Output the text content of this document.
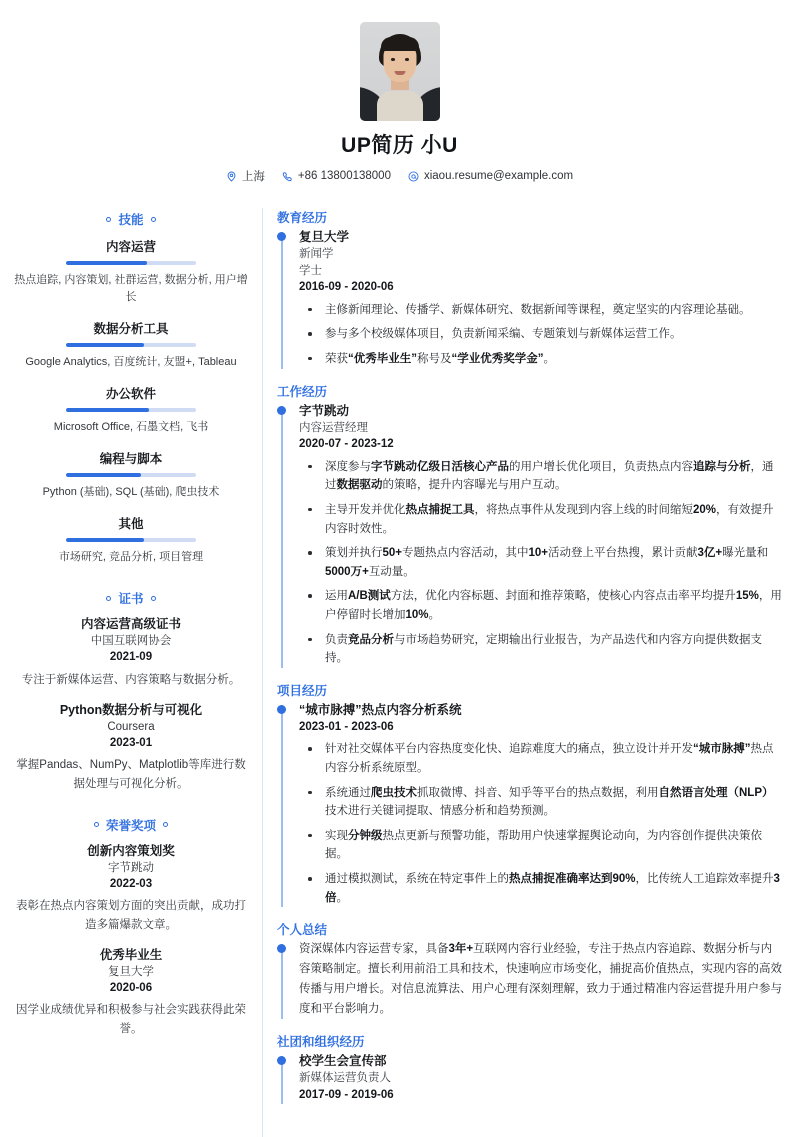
UP简历 小U
上海	+86 13800138000	xiaou.resume@example.com
技能
内容运营
热点追踪, 内容策划, 社群运营, 数据分析, 用户增长
数据分析工具
Google Analytics, 百度统计, 友盟+, Tableau
办公软件
Microsoft Office, 石墨文档, 飞书
编程与脚本
Python (基础), SQL (基础), 爬虫技术
其他
市场研究, 竞品分析, 项目管理
证书
内容运营高级证书
中国互联网协会
2021-09
专注于新媒体运营、内容策略与数据分析。
Python数据分析与可视化
Coursera
2023-01
掌握Pandas、NumPy、Matplotlib等库进行数据处理与可视化分析。
荣誉奖项
创新内容策划奖
字节跳动
2022-03
表彰在热点内容策划方面的突出贡献，成功打造多篇爆款文章。
优秀毕业生
复旦大学
2020-06
因学业成绩优异和积极参与社会实践获得此荣誉。
教育经历
复旦大学
新闻学
学士
2016-09 - 2020-06
主修新闻理论、传播学、新媒体研究、数据新闻等课程，奠定坚实的内容理论基础。
参与多个校级媒体项目，负责新闻采编、专题策划与新媒体运营工作。
荣获“优秀毕业生”称号及“学业优秀奖学金”。
工作经历
字节跳动
内容运营经理
2020-07 - 2023-12
深度参与字节跳动亿级日活核心产品的用户增长优化项目，负责热点内容追踪与分析，通过数据驱动的策略，提升内容曝光与用户互动。
主导开发并优化热点捕捉工具，将热点事件从发现到内容上线的时间缩短20%，有效提升内容时效性。
策划并执行50+专题热点内容活动，其中10+活动登上平台热搜，累计贡献3亿+曝光量和5000万+互动量。
运用A/B测试方法，优化内容标题、封面和推荐策略，使核心内容点击率平均提升15%，用户停留时长增加10%。
负责竞品分析与市场趋势研究，定期输出行业报告，为产品迭代和内容方向提供数据支持。
项目经历
“城市脉搏”热点内容分析系统
2023-01 - 2023-06
针对社交媒体平台内容热度变化快、追踪难度大的痛点，独立设计并开发“城市脉搏”热点内容分析系统原型。
系统通过爬虫技术抓取微博、抖音、知乎等平台的热点数据，利用自然语言处理（NLP）技术进行关键词提取、情感分析和趋势预测。
实现分钟级热点更新与预警功能，帮助用户快速掌握舆论动向，为内容创作提供决策依据。
通过模拟测试，系统在特定事件上的热点捕捉准确率达到90%，比传统人工追踪效率提升3倍。
个人总结
资深媒体内容运营专家，具备3年+互联网内容行业经验，专注于热点内容追踪、数据分析与内容策略制定。擅长利用前沿工具和技术，快速响应市场变化，捕捉高价值热点，实现内容的高效传播与用户增长。对信息流算法、用户心理有深刻理解，致力于通过精准内容运营提升用户参与度和平台影响力。
社团和组织经历
校学生会宣传部
新媒体运营负责人
2017-09 - 2019-06
